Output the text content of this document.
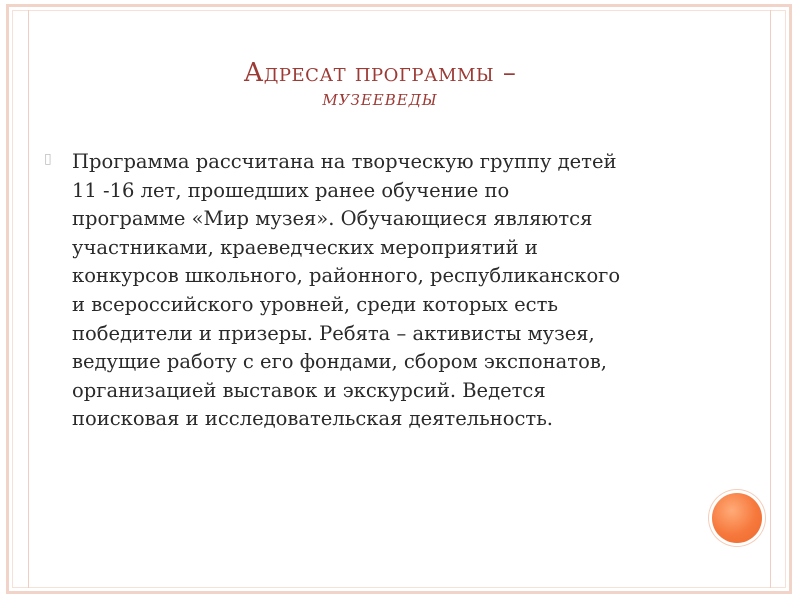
Адресат программы –
МУЗЕЕВЕДЫ
▯ Программа рассчитана на творческую группу детей
11 -16 лет, прошедших ранее обучение по
программе «Мир музея». Обучающиеся являются
участниками, краеведческих мероприятий и
конкурсов школьного, районного, республиканского
и всероссийского уровней, среди которых есть
победители и призеры. Ребята – активисты музея,
ведущие работу с его фондами, сбором экспонатов,
организацией выставок и экскурсий. Ведется
поисковая и исследовательская деятельность.
